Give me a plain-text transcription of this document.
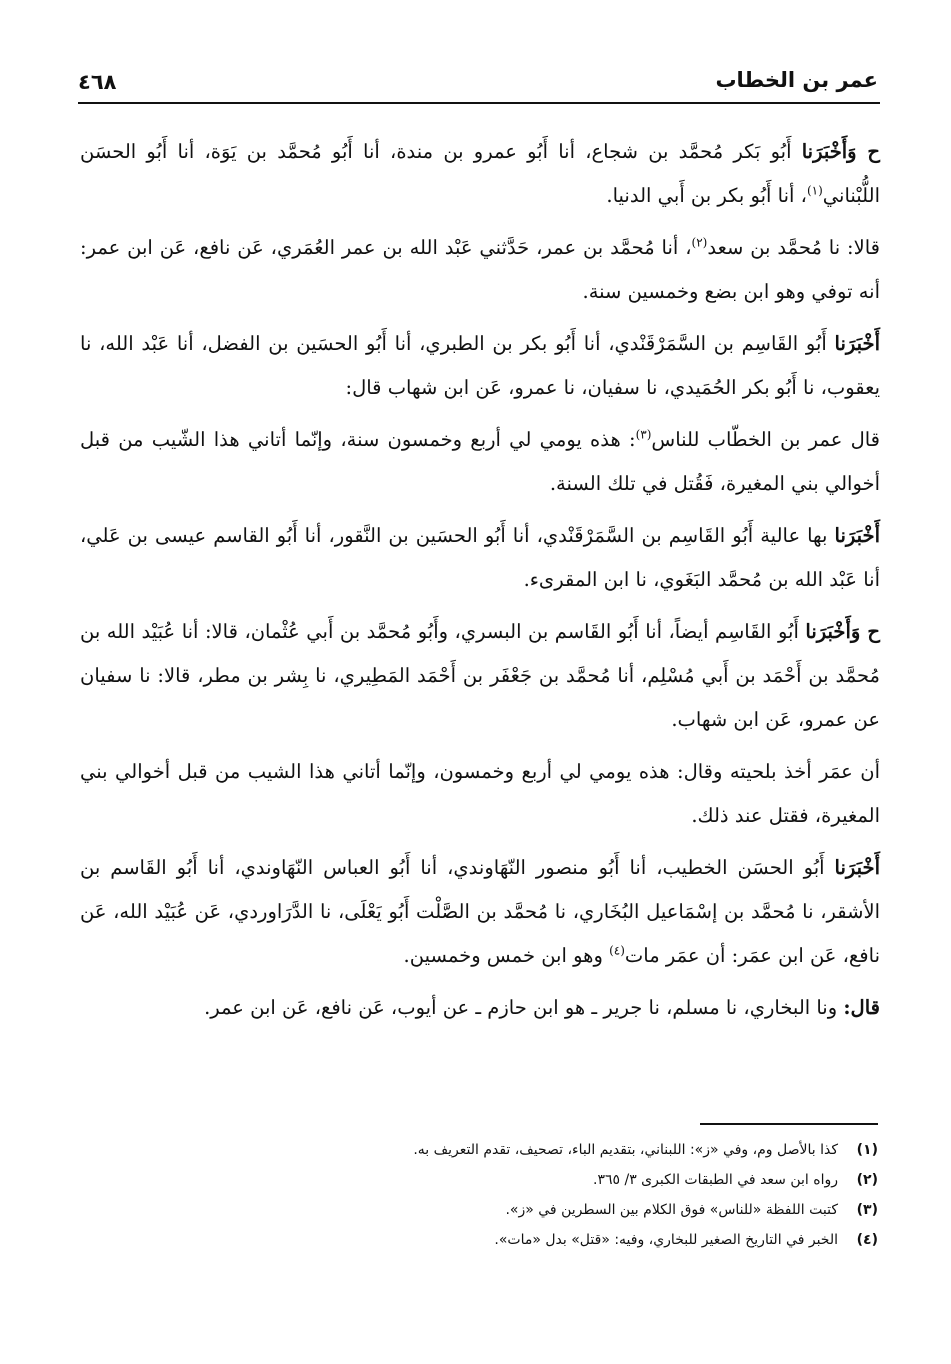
عمر بن الخطاب
٤٦٨

ح وَأَخْبَرَنا أَبُو بَكر مُحمَّد بن شجاع، أنا أَبُو عمرو بن مندة، أنا أَبُو مُحمَّد بن يَوَة، أنا أَبُو الحسَن اللُّبْناني$^{(١)}$، أنا أَبُو بكر بن أَبي الدنيا.

قالا: نا مُحمَّد بن سعد$^{(٢)}$، أنا مُحمَّد بن عمر، حَدَّثني عَبْد الله بن عمر العُمَري، عَن نافع، عَن ابن عمر: أنه توفي وهو ابن بضع وخمسين سنة.

أَخْبَرَنا أَبُو القَاسِم بن السَّمَرْقَنْدي، أنا أَبُو بكر بن الطبري، أنا أَبُو الحسَين بن الفضل، أنا عَبْد الله، نا يعقوب، نا أَبُو بكر الحُمَيدي، نا سفيان، نا عمرو، عَن ابن شهاب قال:

قال عمر بن الخطّاب للناس$^{(٣)}$: هذه يومي لي أربع وخمسون سنة، وإنّما أتاني هذا الشّيب من قبل أخوالي بني المغيرة، فَقُتل في تلك السنة.

أَخْبَرَنا بها عالية أَبُو القَاسِم بن السَّمَرْقَنْدي، أنا أَبُو الحسَين بن النَّقور، أنا أَبُو القاسم عيسى بن عَلي، أنا عَبْد الله بن مُحمَّد البَغَوي، نا ابن المقرىء.

ح وَأَخْبَرَنا أَبُو القَاسِم أيضاً، أنا أَبُو القَاسم بن البسري، وأَبُو مُحمَّد بن أَبي عُثْمان، قالا: أنا عُبَيْد الله بن مُحمَّد بن أَحْمَد بن أَبي مُسْلِم، أنا مُحمَّد بن جَعْفَر بن أَحْمَد المَطِيري، نا بِشر بن مطر، قالا: نا سفيان عن عمرو، عَن ابن شهاب.

أن عمَر أخذ بلحيته وقال: هذه يومي لي أربع وخمسون، وإنّما أتاني هذا الشيب من قبل أخوالي بني المغيرة، فقتل عند ذلك.

أَخْبَرَنا أَبُو الحسَن الخطيب، أنا أَبُو منصور النّهَاوندي، أنا أَبُو العباس النّهَاوندي، أنا أَبُو القَاسم بن الأشقر، نا مُحمَّد بن إسْمَاعيل البُخَاري، نا مُحمَّد بن الصَّلْت أَبُو يَعْلَى، نا الدَّرَاوردي، عَن عُبَيْد الله، عَن نافع، عَن ابن عمَر: أن عمَر مات$^{(٤)}$ وهو ابن خمس وخمسين.

قال: ونا البخاري، نا مسلم، نا جرير ـ هو ابن حازم ـ عن أيوب، عَن نافع، عَن ابن عمر.

(١)
كذا بالأصل وم، وفي «ز»: اللبناني، بتقديم الباء، تصحيف، تقدم التعريف به.
(٢)
رواه ابن سعد في الطبقات الكبرى ٣/ ٣٦٥.
(٣)
كتبت اللفظة «للناس» فوق الكلام بين السطرين في «ز».
(٤)
الخبر في التاريخ الصغير للبخاري، وفيه: «قتل» بدل «مات».
